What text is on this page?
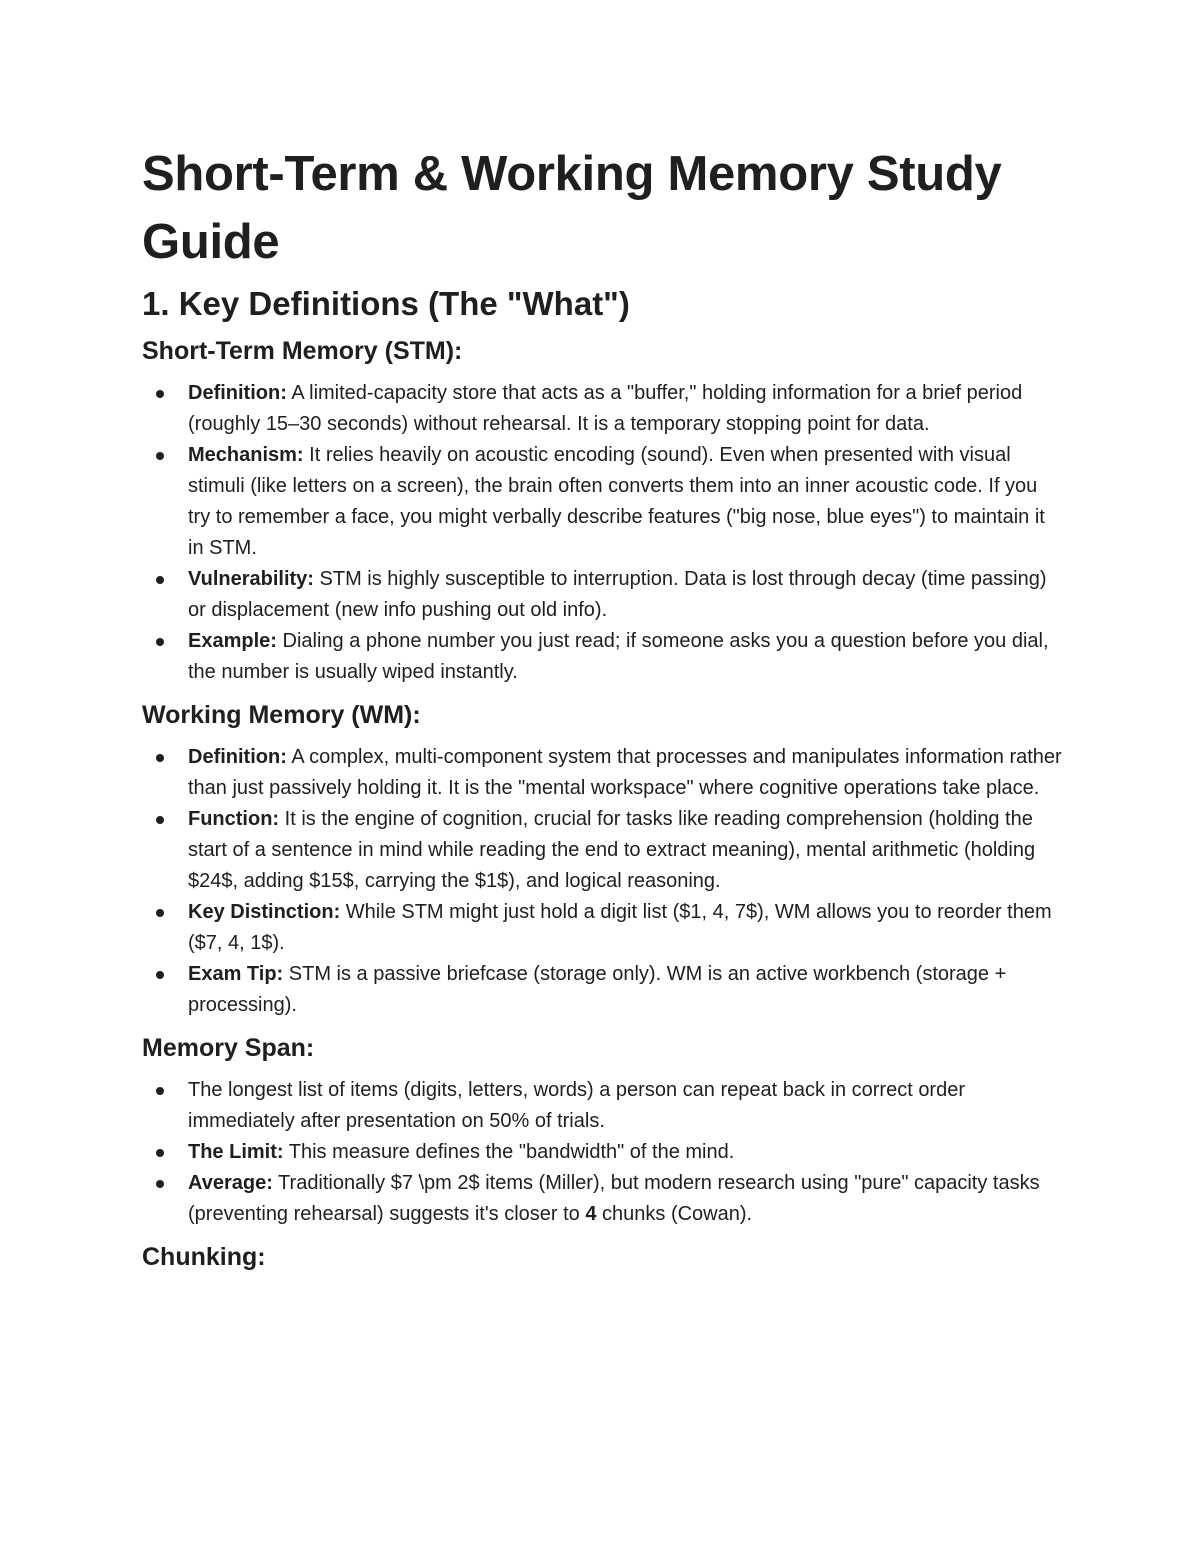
Short-Term & Working Memory Study Guide
1. Key Definitions (The "What")
Short-Term Memory (STM):
Definition: A limited-capacity store that acts as a "buffer," holding information for a brief period (roughly 15–30 seconds) without rehearsal. It is a temporary stopping point for data.
Mechanism: It relies heavily on acoustic encoding (sound). Even when presented with visual stimuli (like letters on a screen), the brain often converts them into an inner acoustic code. If you try to remember a face, you might verbally describe features ("big nose, blue eyes") to maintain it in STM.
Vulnerability: STM is highly susceptible to interruption. Data is lost through decay (time passing) or displacement (new info pushing out old info).
Example: Dialing a phone number you just read; if someone asks you a question before you dial, the number is usually wiped instantly.
Working Memory (WM):
Definition: A complex, multi-component system that processes and manipulates information rather than just passively holding it. It is the "mental workspace" where cognitive operations take place.
Function: It is the engine of cognition, crucial for tasks like reading comprehension (holding the start of a sentence in mind while reading the end to extract meaning), mental arithmetic (holding $24$, adding $15$, carrying the $1$), and logical reasoning.
Key Distinction: While STM might just hold a digit list ($1, 4, 7$), WM allows you to reorder them ($7, 4, 1$).
Exam Tip: STM is a passive briefcase (storage only). WM is an active workbench (storage + processing).
Memory Span:
The longest list of items (digits, letters, words) a person can repeat back in correct order immediately after presentation on 50% of trials.
The Limit: This measure defines the "bandwidth" of the mind.
Average: Traditionally $7 \pm 2$ items (Miller), but modern research using "pure" capacity tasks (preventing rehearsal) suggests it's closer to 4 chunks (Cowan).
Chunking:
